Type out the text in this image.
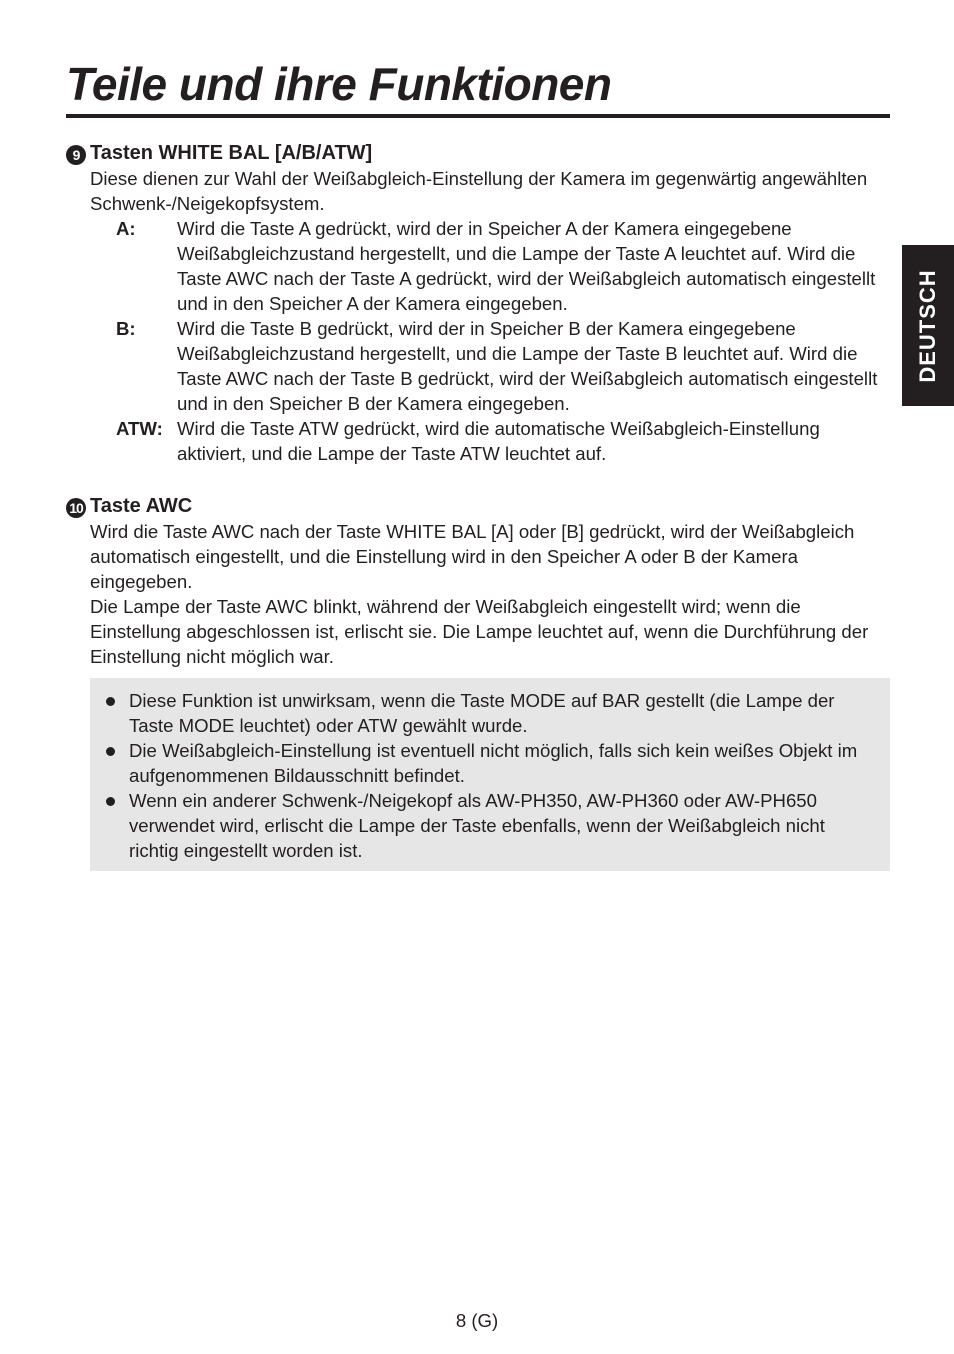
Teile und ihre Funktionen
DEUTSCH
9 Tasten WHITE BAL [A/B/ATW]

Diese dienen zur Wahl der Weißabgleich-Einstellung der Kamera im gegenwärtig angewählten Schwenk-/Neigekopfsystem.

A:	Wird die Taste A gedrückt, wird der in Speicher A der Kamera eingegebene Weißabgleichzustand hergestellt, und die Lampe der Taste A leuchtet auf. Wird die Taste AWC nach der Taste A gedrückt, wird der Weißabgleich automatisch eingestellt und in den Speicher A der Kamera eingegeben.
B:	Wird die Taste B gedrückt, wird der in Speicher B der Kamera eingegebene Weißabgleichzustand hergestellt, und die Lampe der Taste B leuchtet auf. Wird die Taste AWC nach der Taste B gedrückt, wird der Weißabgleich automatisch eingestellt und in den Speicher B der Kamera eingegeben.
ATW: Wird die Taste ATW gedrückt, wird die automatische Weißabgleich-Einstellung aktiviert, und die Lampe der Taste ATW leuchtet auf.
10 Taste AWC

Wird die Taste AWC nach der Taste WHITE BAL [A] oder [B] gedrückt, wird der Weißabgleich automatisch eingestellt, und die Einstellung wird in den Speicher A oder B der Kamera eingegeben.

Die Lampe der Taste AWC blinkt, während der Weißabgleich eingestellt wird; wenn die Einstellung abgeschlossen ist, erlischt sie. Die Lampe leuchtet auf, wenn die Durchführung der Einstellung nicht möglich war.

Diese Funktion ist unwirksam, wenn die Taste MODE auf BAR gestellt (die Lampe der Taste MODE leuchtet) oder ATW gewählt wurde.
Die Weißabgleich-Einstellung ist eventuell nicht möglich, falls sich kein weißes Objekt im aufgenommenen Bildausschnitt befindet.
Wenn ein anderer Schwenk-/Neigekopf als AW-PH350, AW-PH360 oder AW-PH650 verwendet wird, erlischt die Lampe der Taste ebenfalls, wenn der Weißabgleich nicht richtig eingestellt worden ist.
8 (G)
